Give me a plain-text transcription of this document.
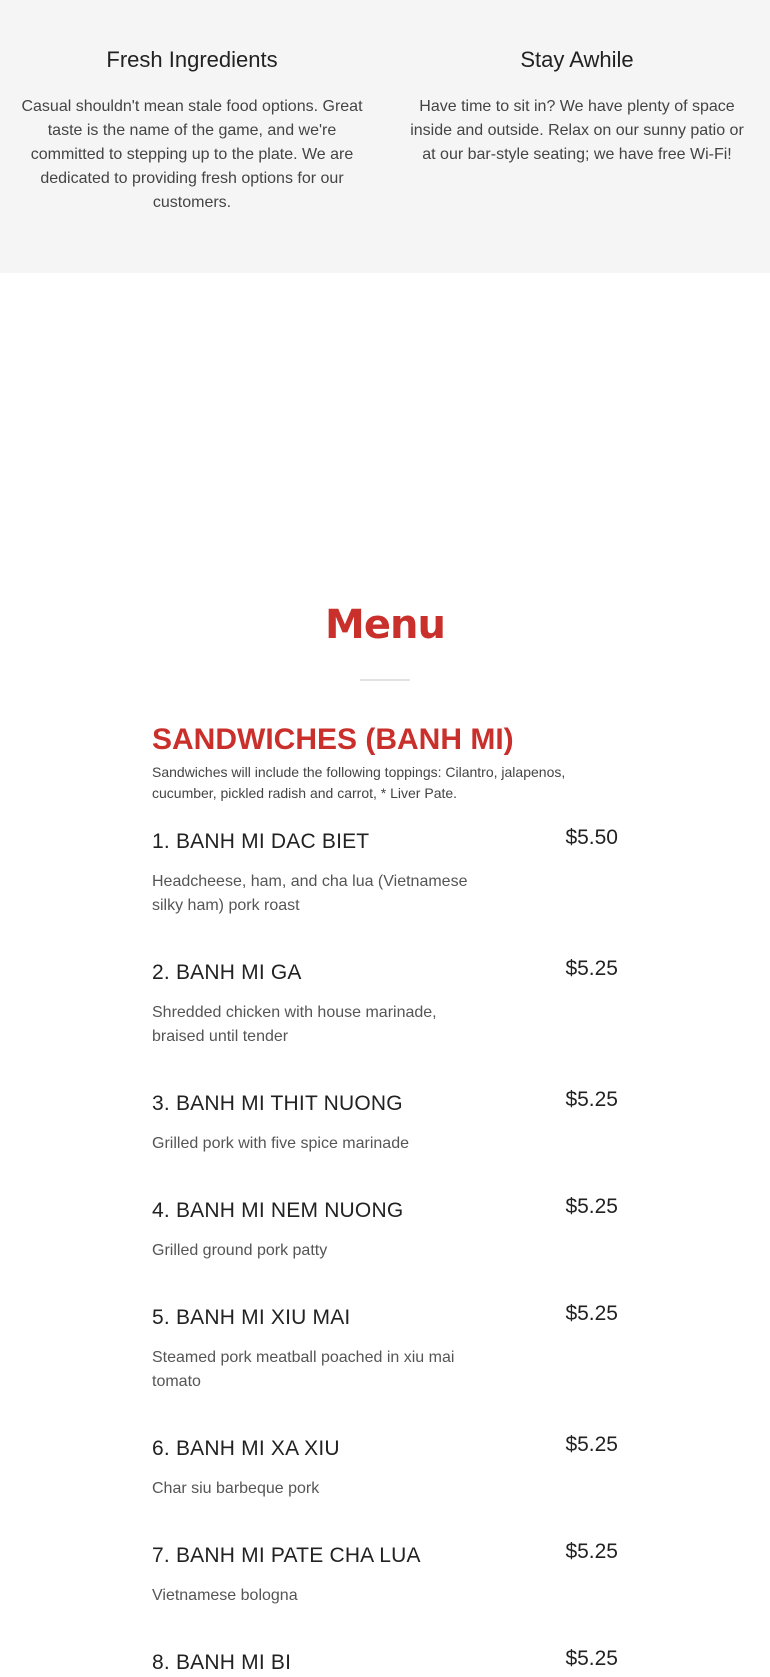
Fresh Ingredients

Casual shouldn't mean stale food options. Great taste is the name of the game, and we're committed to stepping up to the plate. We are dedicated to providing fresh options for our customers.

Stay Awhile

Have time to sit in? We have plenty of space inside and outside. Relax on our sunny patio or at our bar-style seating; we have free Wi-Fi!

Menu
SANDWICHES (BANH MI)

Sandwiches will include the following toppings: Cilantro, jalapenos, cucumber, pickled radish and carrot, * Liver Pate.

1. BANH MI DAC BIET	$5.50
Headcheese, ham, and cha lua (Vietnamese silky ham) pork roast
2. BANH MI GA	$5.25
Shredded chicken with house marinade, braised until tender
3. BANH MI THIT NUONG	$5.25
Grilled pork with five spice marinade
4. BANH MI NEM NUONG	$5.25
Grilled ground pork patty
5. BANH MI XIU MAI	$5.25
Steamed pork meatball poached in xiu mai tomato
6. BANH MI XA XIU	$5.25
Char siu barbeque pork
7. BANH MI PATE CHA LUA	$5.25
Vietnamese bologna
8. BANH MI BI	$5.25
